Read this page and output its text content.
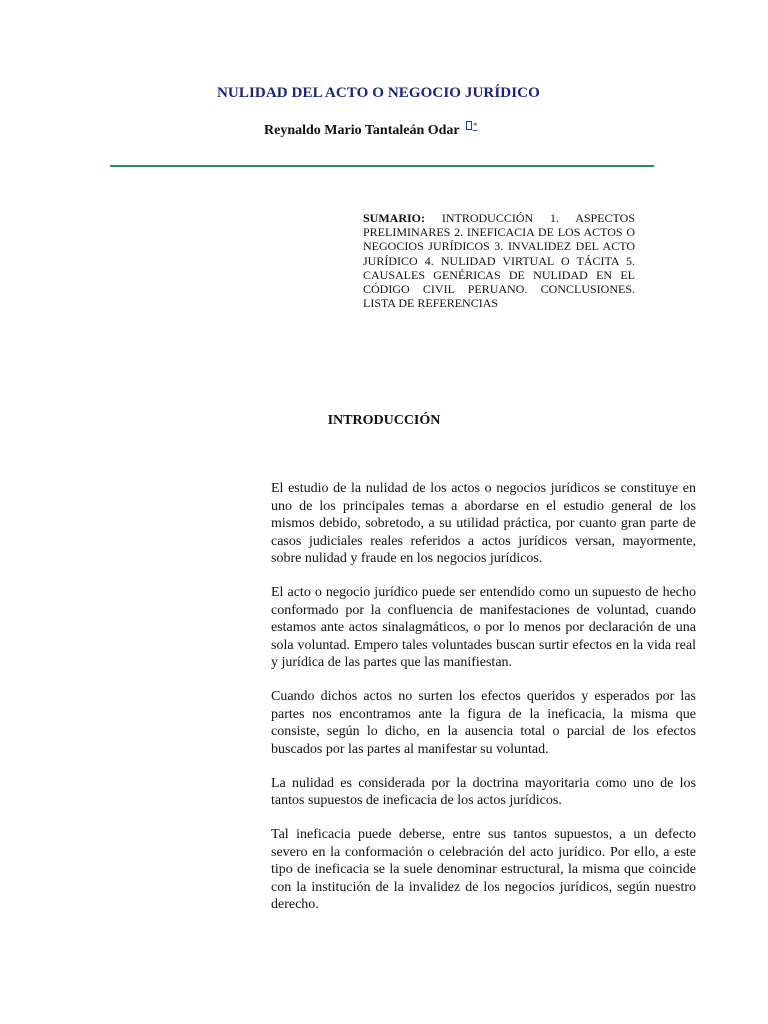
NULIDAD DEL ACTO O NEGOCIO JURÍDICO
Reynaldo Mario Tantaleán Odar *
SUMARIO: INTRODUCCIÓN 1. ASPECTOS PRELIMINARES 2. INEFICACIA DE LOS ACTOS O NEGOCIOS JURÍDICOS 3. INVALIDEZ DEL ACTO JURÍDICO 4. NULIDAD VIRTUAL O TÁCITA 5. CAUSALES GENÉRICAS DE NULIDAD EN EL CÓDIGO CIVIL PERUANO. CONCLUSIONES. LISTA DE REFERENCIAS
INTRODUCCIÓN

El estudio de la nulidad de los actos o negocios jurídicos se constituye en uno de los principales temas a abordarse en el estudio general de los mismos debido, sobretodo, a su utilidad práctica, por cuanto gran parte de casos judiciales reales referidos a actos jurídicos versan, mayormente, sobre nulidad y fraude en los negocios jurídicos.

El acto o negocio jurídico puede ser entendido como un supuesto de hecho conformado por la confluencia de manifestaciones de voluntad, cuando estamos ante actos sinalagmáticos, o por lo menos por declaración de una sola voluntad. Empero tales voluntades buscan surtir efectos en la vida real y jurídica de las partes que las manifiestan.

Cuando dichos actos no surten los efectos queridos y esperados por las partes nos encontramos ante la figura de la ineficacia, la misma que consiste, según lo dicho, en la ausencia total o parcial de los efectos buscados por las partes al manifestar su voluntad.

La nulidad es considerada por la doctrina mayoritaria como uno de los tantos supuestos de ineficacia de los actos jurídicos.

Tal ineficacia puede deberse, entre sus tantos supuestos, a un defecto severo en la conformación o celebración del acto jurídico. Por ello, a este tipo de ineficacia se la suele denominar estructural, la misma que coincide con la institución de la invalidez de los negocios jurídicos, según nuestro derecho.
